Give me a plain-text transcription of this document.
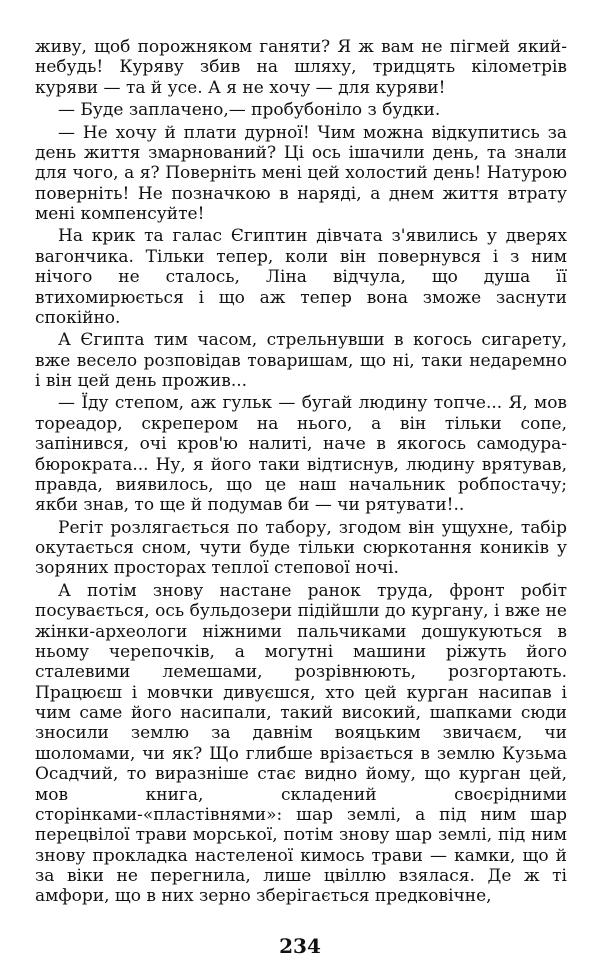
живу, щоб порожняком ганяти? Я ж вам не пігмей який-небудь! Куряву збив на шляху, тридцять кілометрів куряви — та й усе. А я не хочу — для куряви!

— Буде заплачено,— пробубоніло з будки.

— Не хочу й плати дурної! Чим можна відкупитись за день життя змарнований? Ці ось ішачили день, та знали для чого, а я? Поверніть мені цей холостий день! Натурою поверніть! Не позначкою в наряді, а днем життя втрату мені компенсуйте!

На крик та галас Єгиптин дівчата з'явились у дверях вагончика. Тільки тепер, коли він повернувся і з ним нічого не сталось, Ліна відчула, що душа її втихомирюється і що аж тепер вона зможе заснути спокійно.

А Єгипта тим часом, стрельнувши в когось сигарету, вже весело розповідав товаришам, що ні, таки недаремно і він цей день прожив...

— Їду степом, аж гульк — бугай людину топче... Я, мов тореадор, скрепером на нього, а він тільки сопе, запінився, очі кров'ю налиті, наче в якогось самодура-бюрократа... Ну, я його таки відтиснув, людину врятував, правда, виявилось, що це наш начальник робпостачу; якби знав, то ще й подумав би — чи рятувати!..

Регіт розлягається по табору, згодом він ущухне, табір окутається сном, чути буде тільки сюркотання коників у зоряних просторах теплої степової ночі.

А потім знову настане ранок труда, фронт робіт посувається, ось бульдозери підійшли до кургану, і вже не жінки-археологи ніжними пальчиками дошукуються в ньому черепочків, а могутні машини ріжуть його сталевими лемешами, розрівнюють, розгортають. Працюєш і мовчки дивуєшся, хто цей курган насипав і чим саме його насипали, такий високий, шапками сюди зносили землю за давнім вояцьким звичаєм, чи шоломами, чи як? Що глибше врізається в землю Кузьма Осадчий, то виразніше стає видно йому, що курган цей, мов книга, складений своєрідними сторінками-«пластівнями»: шар землі, а під ним шар перецвілої трави морської, потім знову шар землі, під ним знову прокладка настеленої кимось трави — камки, що й за віки не перегнила, лише цвіллю взялася. Де ж ті амфори, що в них зерно зберігається предковічне,

234
